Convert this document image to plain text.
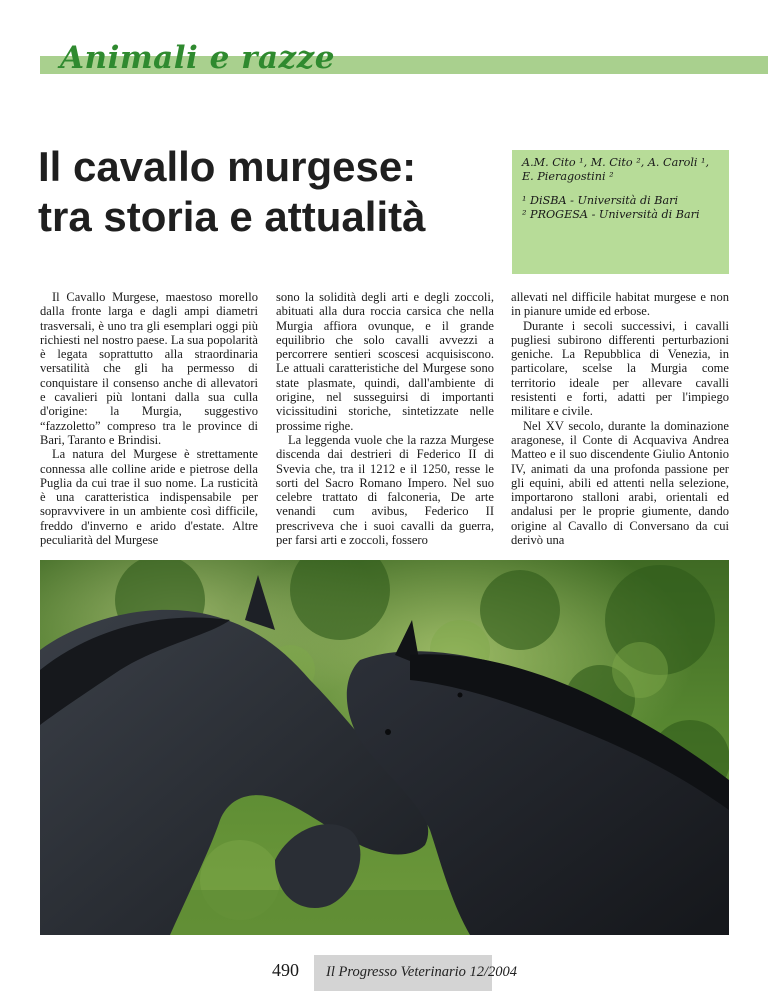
Animali e razze
Il cavallo murgese:
tra storia e attualità
A.M. Cito ¹, M. Cito ², A. Caroli ¹,
E. Pieragostini ²
¹ DiSBA - Università di Bari
² PROGESA - Università di Bari

Il Cavallo Murgese, maestoso morello dalla fronte larga e dagli ampi diametri trasversali, è uno tra gli esemplari oggi più richiesti nel nostro paese. La sua popolarità è legata soprattutto alla straordinaria versatilità che gli ha permesso di conquistare il consenso anche di allevatori e cavalieri più lontani dalla sua culla d'origine: la Murgia, suggestivo “fazzoletto” compreso tra le province di Bari, Taranto e Brindisi.

La natura del Murgese è strettamente connessa alle colline aride e pietrose della Puglia da cui trae il suo nome. La rusticità è una caratteristica indispensabile per sopravvivere in un ambiente così difficile, freddo d'inverno e arido d'estate. Altre peculiarità del Murgese

sono la solidità degli arti e degli zoccoli, abituati alla dura roccia carsica che nella Murgia affiora ovunque, e il grande equilibrio che solo cavalli avvezzi a percorrere sentieri scoscesi acquisiscono. Le attuali caratteristiche del Murgese sono state plasmate, quindi, dall'ambiente di origine, nel susseguirsi di importanti vicissitudini storiche, sintetizzate nelle prossime righe.

La leggenda vuole che la razza Murgese discenda dai destrieri di Federico II di Svevia che, tra il 1212 e il 1250, resse le sorti del Sacro Romano Impero. Nel suo celebre trattato di falconeria, De arte venandi cum avibus, Federico II prescriveva che i suoi cavalli da guerra, per farsi arti e zoccoli, fossero

allevati nel difficile habitat murgese e non in pianure umide ed erbose.

Durante i secoli successivi, i cavalli pugliesi subirono differenti perturbazioni geniche. La Repubblica di Venezia, in particolare, scelse la Murgia come territorio ideale per allevare cavalli resistenti e forti, adatti per l'impiego militare e civile.

Nel XV secolo, durante la dominazione aragonese, il Conte di Acquaviva Andrea Matteo e il suo discendente Giulio Antonio IV, animati da una profonda passione per gli equini, abili ed attenti nella selezione, importarono stalloni arabi, orientali ed andalusi per le proprie giumente, dando origine al Cavallo di Conversano da cui derivò una

490 Il Progresso Veterinario 12/2004
